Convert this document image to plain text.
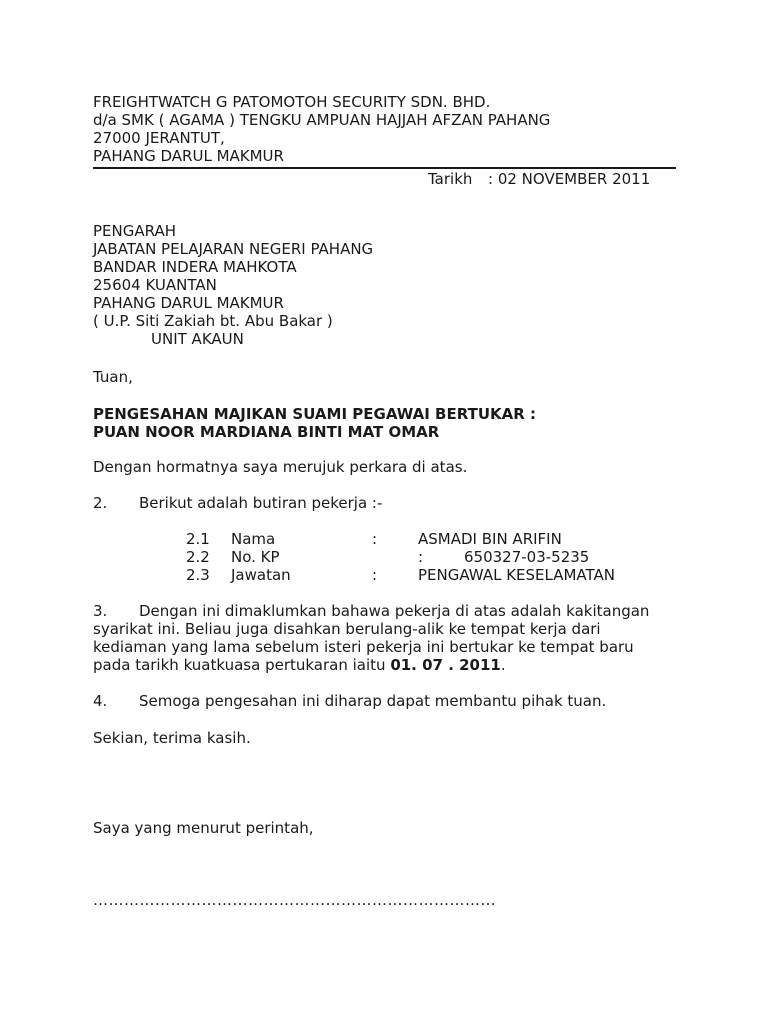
FREIGHTWATCH G PATOMOTOH SECURITY SDN. BHD.
d/a SMK ( AGAMA ) TENGKU AMPUAN HAJJAH AFZAN PAHANG
27000 JERANTUT,
PAHANG DARUL MAKMUR
Tarikh : 02 NOVEMBER 2011
PENGARAH
JABATAN PELAJARAN NEGERI PAHANG
BANDAR INDERA MAHKOTA
25604 KUANTAN
PAHANG DARUL MAKMUR
( U.P. Siti Zakiah bt. Abu Bakar )
UNIT AKAUN
Tuan,
PENGESAHAN MAJIKAN SUAMI PEGAWAI BERTUKAR :
PUAN NOOR MARDIANA BINTI MAT OMAR
Dengan hormatnya saya merujuk perkara di atas.
2. Berikut adalah butiran pekerja :-
2.1 Nama	:	ASMADI BIN ARIFIN
2.2 No. KP	:	650327-03-5235
2.3 Jawatan	:	PENGAWAL KESELAMATAN
3. Dengan ini dimaklumkan bahawa pekerja di atas adalah kakitangan
syarikat ini. Beliau juga disahkan berulang-alik ke tempat kerja dari
kediaman yang lama sebelum isteri pekerja ini bertukar ke tempat baru
pada tarikh kuatkuasa pertukaran iaitu 01. 07 . 2011.
4. Semoga pengesahan ini diharap dapat membantu pihak tuan.
Sekian, terima kasih.
Saya yang menurut perintah,
……………………………………………………………………
